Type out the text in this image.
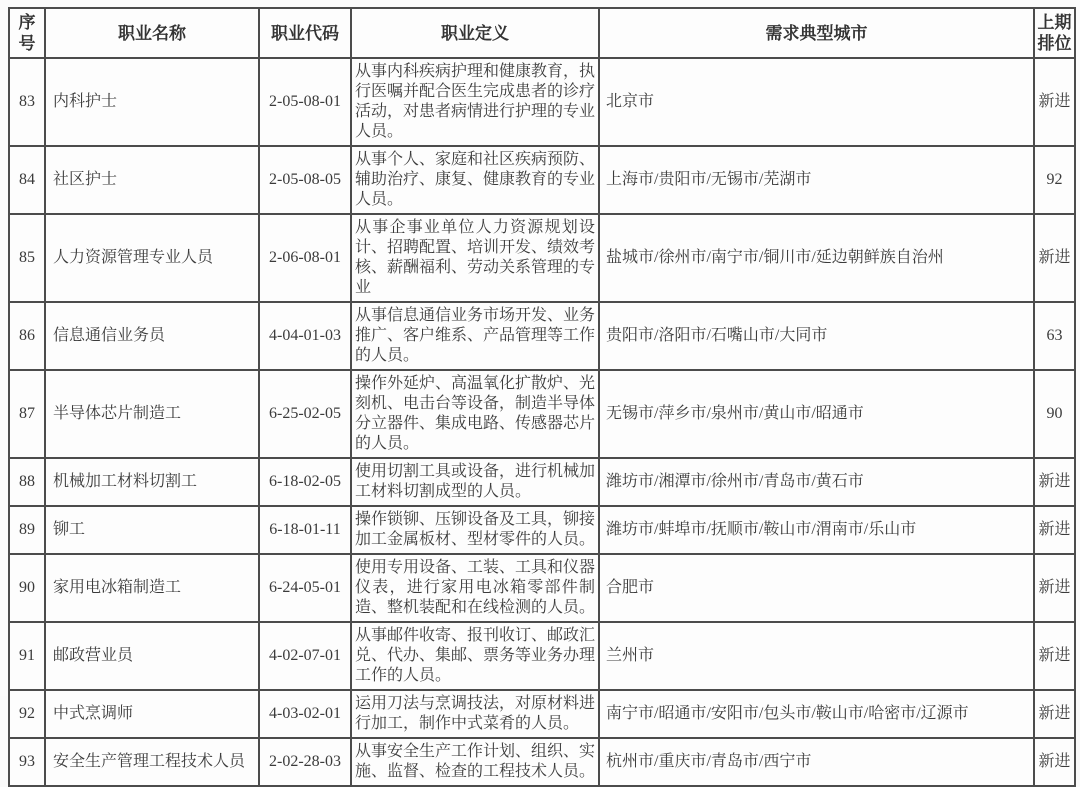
序号	职业名称	职业代码	职业定义	需求典型城市	上期排位
83	内科护士	2-05-08-01	从事内科疾病护理和健康教育，执行医嘱并配合医生完成患者的诊疗活动，对患者病情进行护理的专业人员。	北京市	新进
84	社区护士	2-05-08-05	从事个人、家庭和社区疾病预防、辅助治疗、康复、健康教育的专业人员。	上海市/贵阳市/无锡市/芜湖市	92
85	人力资源管理专业人员	2-06-08-01	从事企事业单位人力资源规划设计、招聘配置、培训开发、绩效考核、薪酬福利、劳动关系管理的专业	盐城市/徐州市/南宁市/铜川市/延边朝鲜族自治州	新进
86	信息通信业务员	4-04-01-03	从事信息通信业务市场开发、业务推广、客户维系、产品管理等工作的人员。	贵阳市/洛阳市/石嘴山市/大同市	63
87	半导体芯片制造工	6-25-02-05	操作外延炉、高温氧化扩散炉、光刻机、电击台等设备，制造半导体分立器件、集成电路、传感器芯片的人员。	无锡市/萍乡市/泉州市/黄山市/昭通市	90
88	机械加工材料切割工	6-18-02-05	使用切割工具或设备，进行机械加工材料切割成型的人员。	潍坊市/湘潭市/徐州市/青岛市/黄石市	新进
89	铆工	6-18-01-11	操作锁铆、压铆设备及工具，铆接加工金属板材、型材零件的人员。	潍坊市/蚌埠市/抚顺市/鞍山市/渭南市/乐山市	新进
90	家用电冰箱制造工	6-24-05-01	使用专用设备、工装、工具和仪器仪表，进行家用电冰箱零部件制造、整机装配和在线检测的人员。	合肥市	新进
91	邮政营业员	4-02-07-01	从事邮件收寄、报刊收订、邮政汇兑、代办、集邮、票务等业务办理工作的人员。	兰州市	新进
92	中式烹调师	4-03-02-01	运用刀法与烹调技法，对原材料进行加工，制作中式菜肴的人员。	南宁市/昭通市/安阳市/包头市/鞍山市/哈密市/辽源市	新进
93	安全生产管理工程技术人员	2-02-28-03	从事安全生产工作计划、组织、实施、监督、检查的工程技术人员。	杭州市/重庆市/青岛市/西宁市	新进
